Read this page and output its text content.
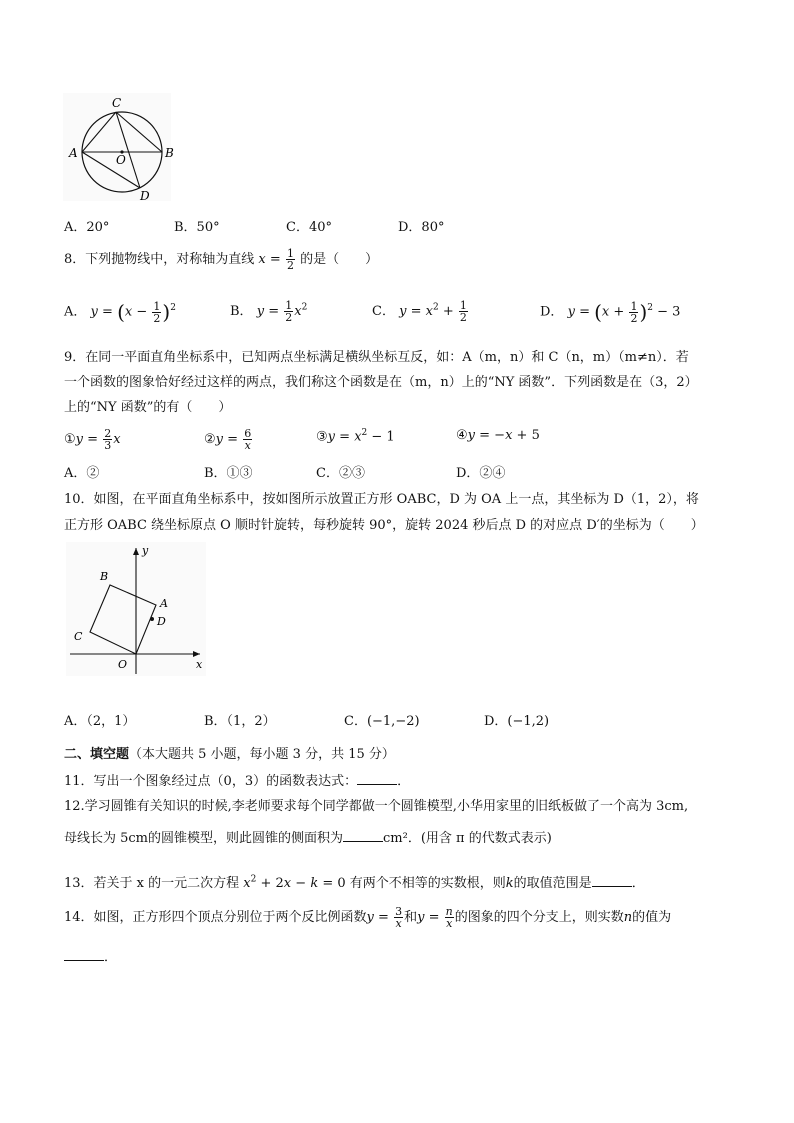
C
A	O	B
D
A．20°	B．50°	C．40°	D．80°
8．下列抛物线中，对称轴为直线 $x = \frac{1}{2}$ 的是（　　）
A． $y = (x - \frac{1}{2} )^2$	B． $y = \frac{1}{2} x^2$	C． $y = x^2 + \frac{1}{2}$	D． $y = (x + \frac{1}{2} )^2 - 3$
9．在同一平面直角坐标系中，已知两点坐标满足横纵坐标互反，如：A（m，n）和 C（n，m）（m≠n）．若
一个函数的图象恰好经过这样的两点，我们称这个函数是在（m，n）上的“NY 函数”．下列函数是在（3，2）
上的“NY 函数”的有（　　）
①y = $\frac{2}{3}$ x	②y = $\frac{6}{x}$	③y = $x^2 - 1$	④y = −x + 5
A．②	B．①③	C．②③	D．②④
10．如图，在平面直角坐标系中，按如图所示放置正方形 OABC，D 为 OA 上一点，其坐标为 D（1，2），将
正方形 OABC 绕坐标原点 O 顺时针旋转，每秒旋转 90°，旋转 2024 秒后点 D 的对应点 D′的坐标为（　　）
y
x
B
A
D
C
O
A．（2，1）	B．（1，2）	C．(−1,−2)	D．(−1,2)
二、填空题（本大题共 5 小题，每小题 3 分，共 15 分）
11．写出一个图象经过点（0，3）的函数表达式：	．
12.学习圆锥有关知识的时候,李老师要求每个同学都做一个圆锥模型,小华用家里的旧纸板做了一个高为 3cm,
母线长为 5cm的圆锥模型，则此圆锥的侧面积为	cm²．(用含 π 的代数式表示)
13．若关于 x 的一元二次方程 $x^2 + 2x - k = 0$ 有两个不相等的实数根，则k的取值范围是	．
14．如图，正方形四个顶点分别位于两个反比例函数$y = \frac{3}{x}$ 和$y = \frac{n}{x}$ 的图象的四个分支上，则实数n的值为
．
